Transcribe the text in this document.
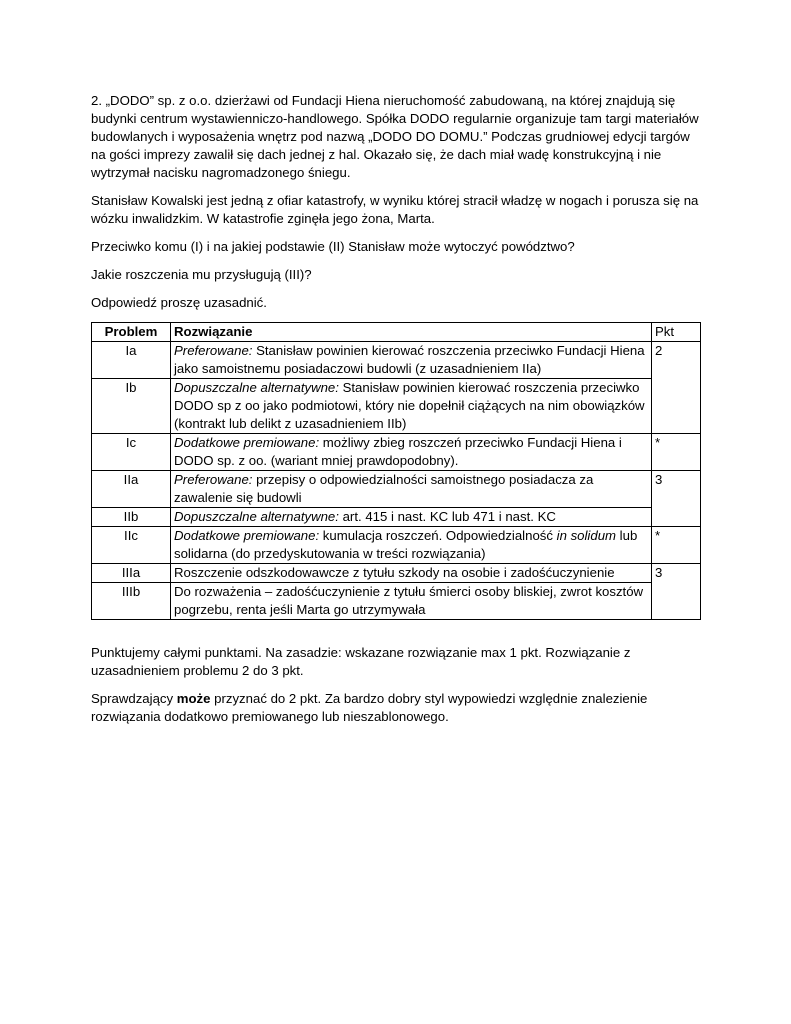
2. „DODO” sp. z o.o. dzierżawi od Fundacji Hiena nieruchomość zabudowaną, na której znajdują się budynki centrum wystawienniczo-handlowego. Spółka DODO regularnie organizuje tam targi materiałów budowlanych i wyposażenia wnętrz pod nazwą „DODO DO DOMU.” Podczas grudniowej edycji targów na gości imprezy zawalił się dach jednej z hal. Okazało się, że dach miał wadę konstrukcyjną i nie wytrzymał nacisku nagromadzonego śniegu.

Stanisław Kowalski jest jedną z ofiar katastrofy, w wyniku której stracił władzę w nogach i porusza się na wózku inwalidzkim. W katastrofie zginęła jego żona, Marta.

Przeciwko komu (I) i na jakiej podstawie (II) Stanisław może wytoczyć powództwo?

Jakie roszczenia mu przysługują (III)?

Odpowiedź proszę uzasadnić.

Problem	Rozwiązanie	Pkt
Ia	Preferowane: Stanisław powinien kierować roszczenia przeciwko Fundacji Hiena jako samoistnemu posiadaczowi budowli (z uzasadnieniem IIa)	2
Ib	Dopuszczalne alternatywne: Stanisław powinien kierować roszczenia przeciwko DODO sp z oo jako podmiotowi, który nie dopełnił ciążących na nim obowiązków (kontrakt lub delikt z uzasadnieniem IIb)	
Ic	Dodatkowe premiowane: możliwy zbieg roszczeń przeciwko Fundacji Hiena i DODO sp. z oo. (wariant mniej prawdopodobny).	*
IIa	Preferowane: przepisy o odpowiedzialności samoistnego posiadacza za zawalenie się budowli	3
IIb	Dopuszczalne alternatywne: art. 415 i nast. KC lub 471 i nast. KC	
IIc	Dodatkowe premiowane: kumulacja roszczeń. Odpowiedzialność in solidum lub solidarna (do przedyskutowania w treści rozwiązania)	*
IIIa	Roszczenie odszkodowawcze z tytułu szkody na osobie i zadośćuczynienie	3
IIIb	Do rozważenia – zadośćuczynienie z tytułu śmierci osoby bliskiej, zwrot kosztów pogrzebu, renta jeśli Marta go utrzymywała	

Punktujemy całymi punktami. Na zasadzie: wskazane rozwiązanie max 1 pkt. Rozwiązanie z uzasadnieniem problemu 2 do 3 pkt.

Sprawdzający może przyznać do 2 pkt. Za bardzo dobry styl wypowiedzi względnie znalezienie rozwiązania dodatkowo premiowanego lub nieszablonowego.
